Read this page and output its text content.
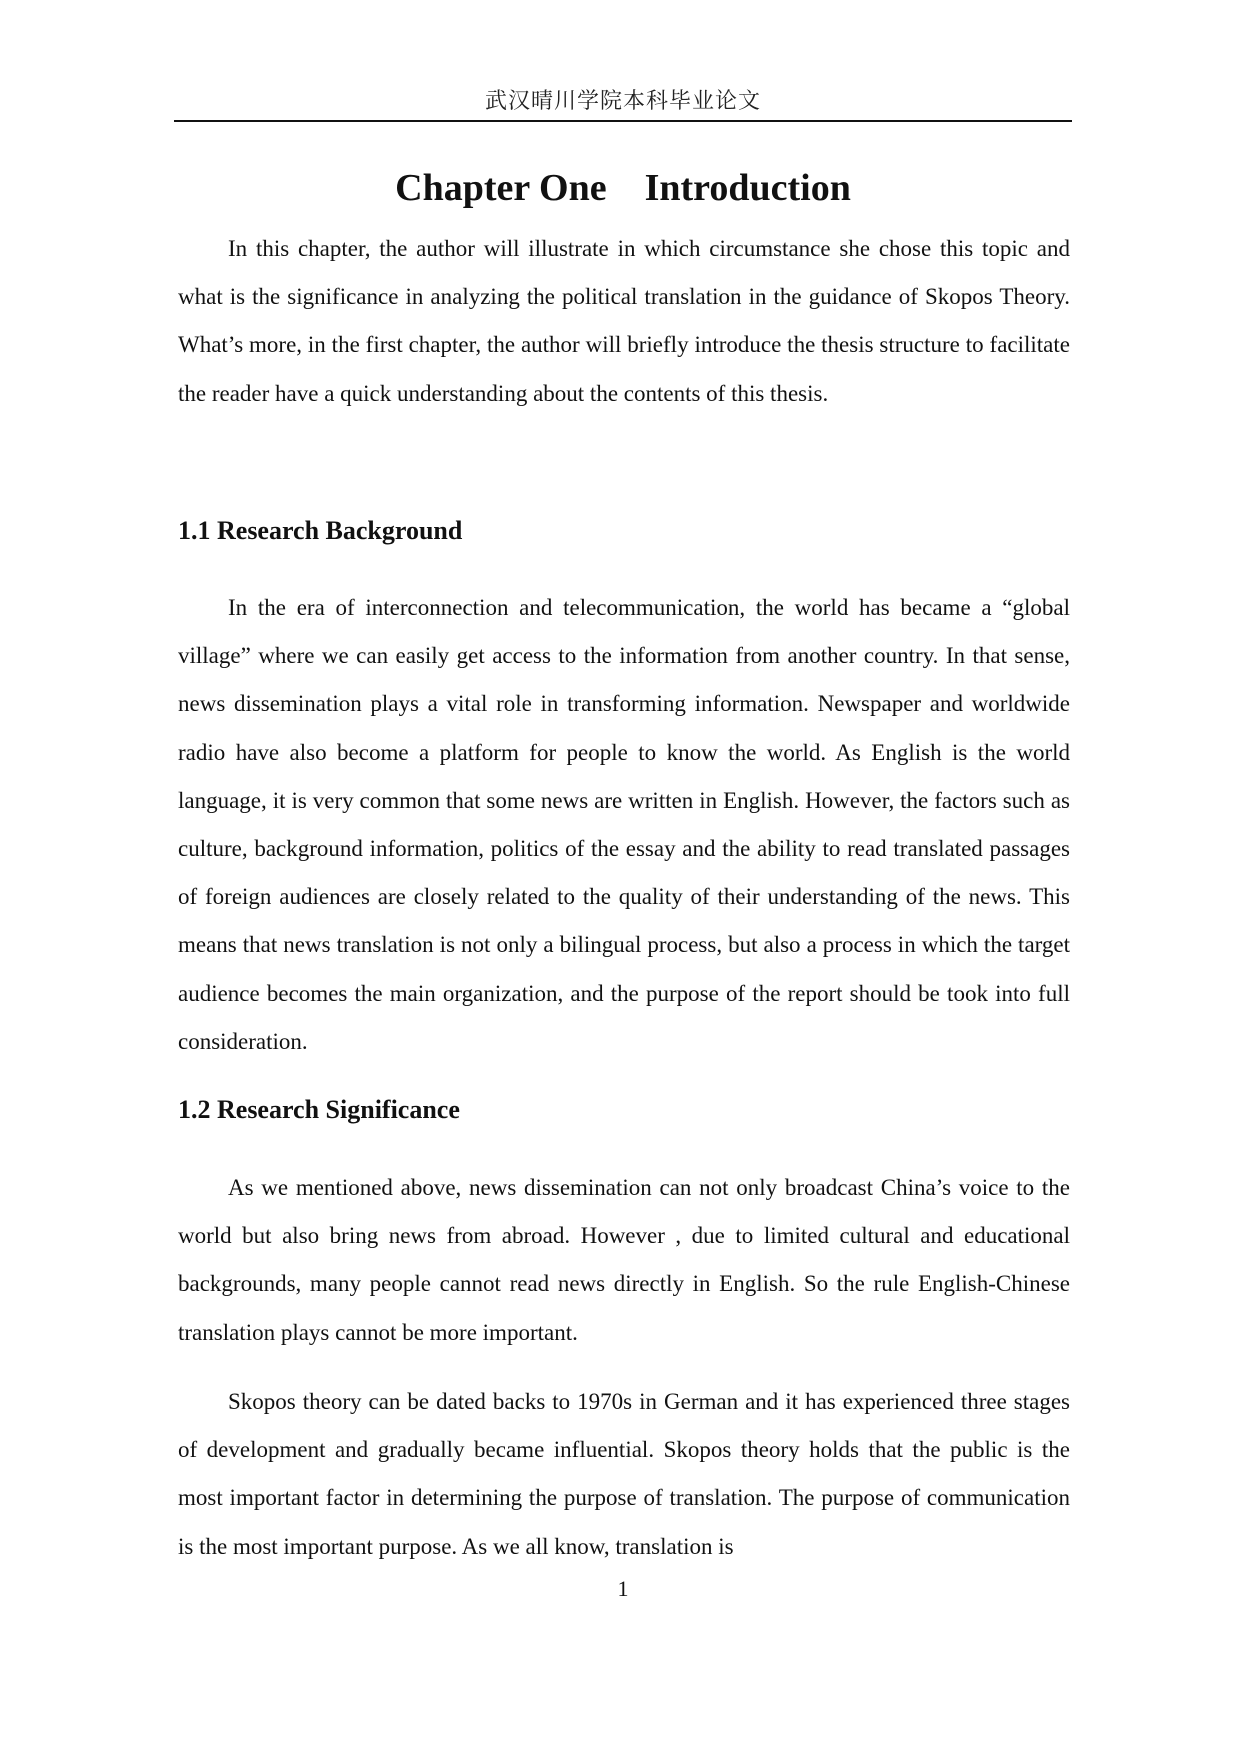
武汉晴川学院本科毕业论文
Chapter One Introduction

In this chapter, the author will illustrate in which circumstance she chose this topic and what is the significance in analyzing the political translation in the guidance of Skopos Theory. What’s more, in the first chapter, the author will briefly introduce the thesis structure to facilitate the reader have a quick understanding about the contents of this thesis.

1.1 Research Background

In the era of interconnection and telecommunication, the world has became a “global village” where we can easily get access to the information from another country. In that sense, news dissemination plays a vital role in transforming information. Newspaper and worldwide radio have also become a platform for people to know the world. As English is the world language, it is very common that some news are written in English. However, the factors such as culture, background information, politics of the essay and the ability to read translated passages of foreign audiences are closely related to the quality of their understanding of the news. This means that news translation is not only a bilingual process, but also a process in which the target audience becomes the main organization, and the purpose of the report should be took into full consideration.

1.2 Research Significance

As we mentioned above, news dissemination can not only broadcast China’s voice to the world but also bring news from abroad. However , due to limited cultural and educational backgrounds, many people cannot read news directly in English. So the rule English-Chinese translation plays cannot be more important.

Skopos theory can be dated backs to 1970s in German and it has experienced three stages of development and gradually became influential. Skopos theory holds that the public is the most important factor in determining the purpose of translation. The purpose of communication is the most important purpose. As we all know, translation is

1
